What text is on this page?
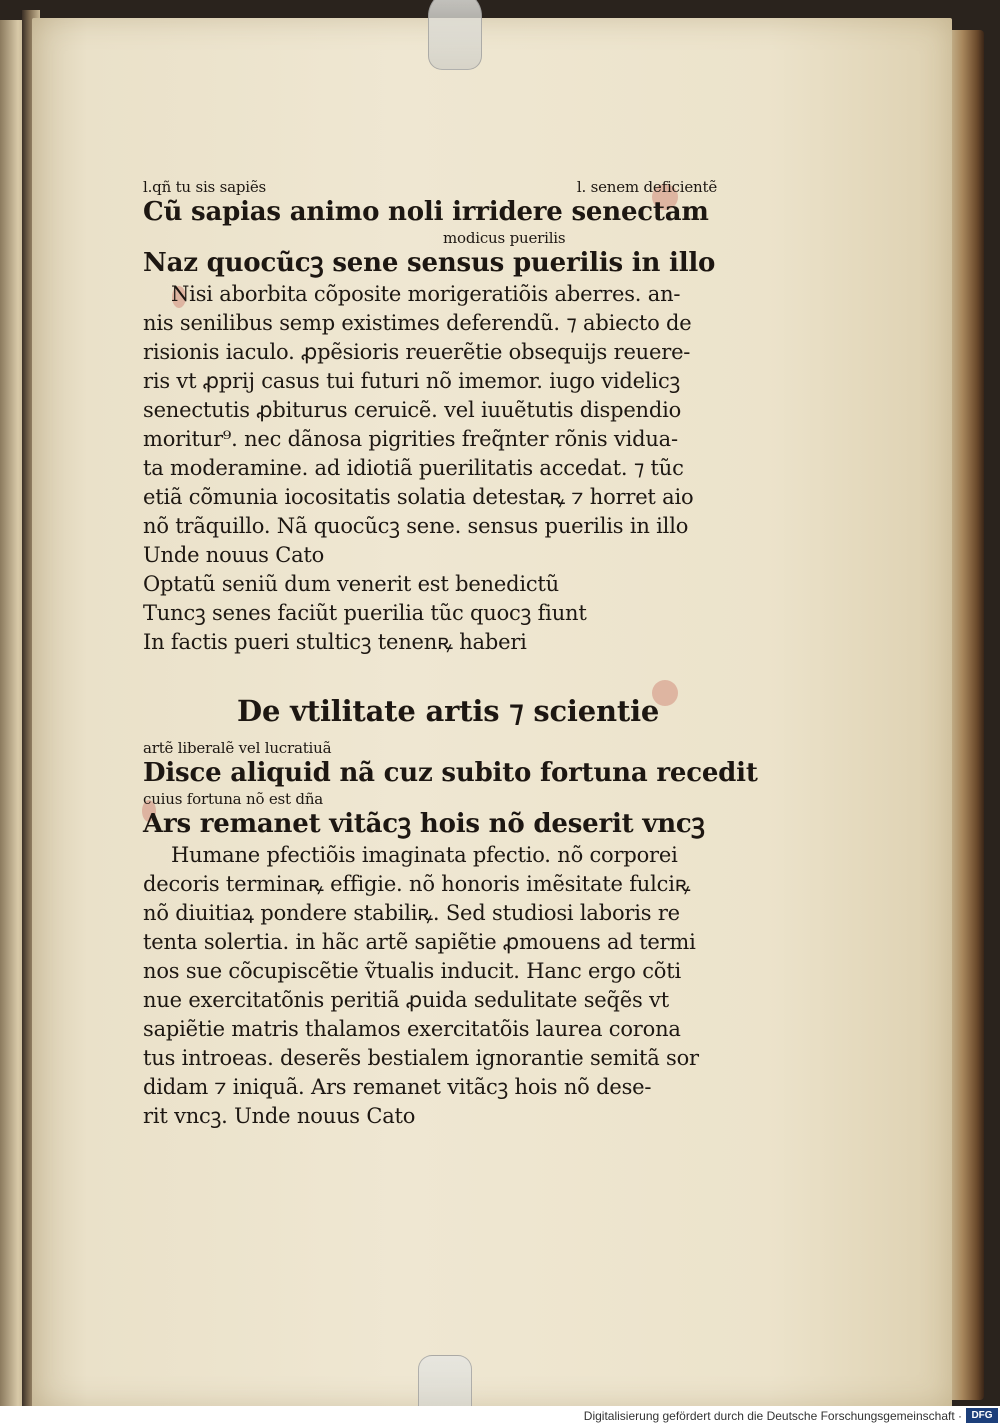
l.qñ tu sis sapiẽs	l. senem deficientẽ
Cũ sapias animo noli irridere senectam
modicus puerilis
Naz quocũcꝫ sene sensus puerilis in illo
Nisi aborbita cõposite morigeratiõis aberres. an-
nis senilibus semp existimes deferendũ. ⁊ abiecto de
risionis iaculo. ꝓpẽsioris reuerẽtie obsequijs reuere-
ris vt ꝓprij casus tui futuri nõ imemor. iugo videlicꝫ
senectutis ꝓbiturus ceruicẽ. vel iuuẽtutis dispendio
moritur⁹. nec dãnosa pigrities freq̃nter rõnis vidua-
ta moderamine. ad idiotiã puerilitatis accedat. ⁊ tũc
etiã cõmunia iocositatis solatia detestaꝶ ⁊ horret aio
nõ trãquillo. Nã quocũcꝫ sene. sensus puerilis in illo
Unde nouus Cato
Optatũ seniũ dum venerit est benedictũ
Tuncꝫ senes faciũt puerilia tũc quocꝫ fiunt
In factis pueri stulticꝫ tenenꝶ haberi
De vtilitate artis ⁊ scientie
artẽ liberalẽ vel lucratiuã
Disce aliquid nã cuz subito fortuna recedit
cuius fortuna nõ est dña
Ars remanet vitãcꝫ hois nõ deserit vncꝫ
Humane pfectiõis imaginata pfectio. nõ corporei
decoris terminaꝶ effigie. nõ honoris imẽsitate fulciꝶ
nõ diuitiaꝝ pondere stabiliꝶ. Sed studiosi laboris re
tenta solertia. in hãc artẽ sapiẽtie ꝓmouens ad termi
nos sue cõcupiscẽtie ṽtualis inducit. Hanc ergo cõti
nue exercitatõnis peritiã ꝓuida sedulitate seq̃ẽs vt
sapiẽtie matris thalamos exercitatõis laurea corona
tus introeas. deserẽs bestialem ignorantie semitã sor
didam ⁊ iniquã. Ars remanet vitãcꝫ hois nõ dese-
rit vncꝫ. Unde nouus Cato
Digitalisierung gefördert durch die Deutsche Forschungsgemeinschaft · DFG
